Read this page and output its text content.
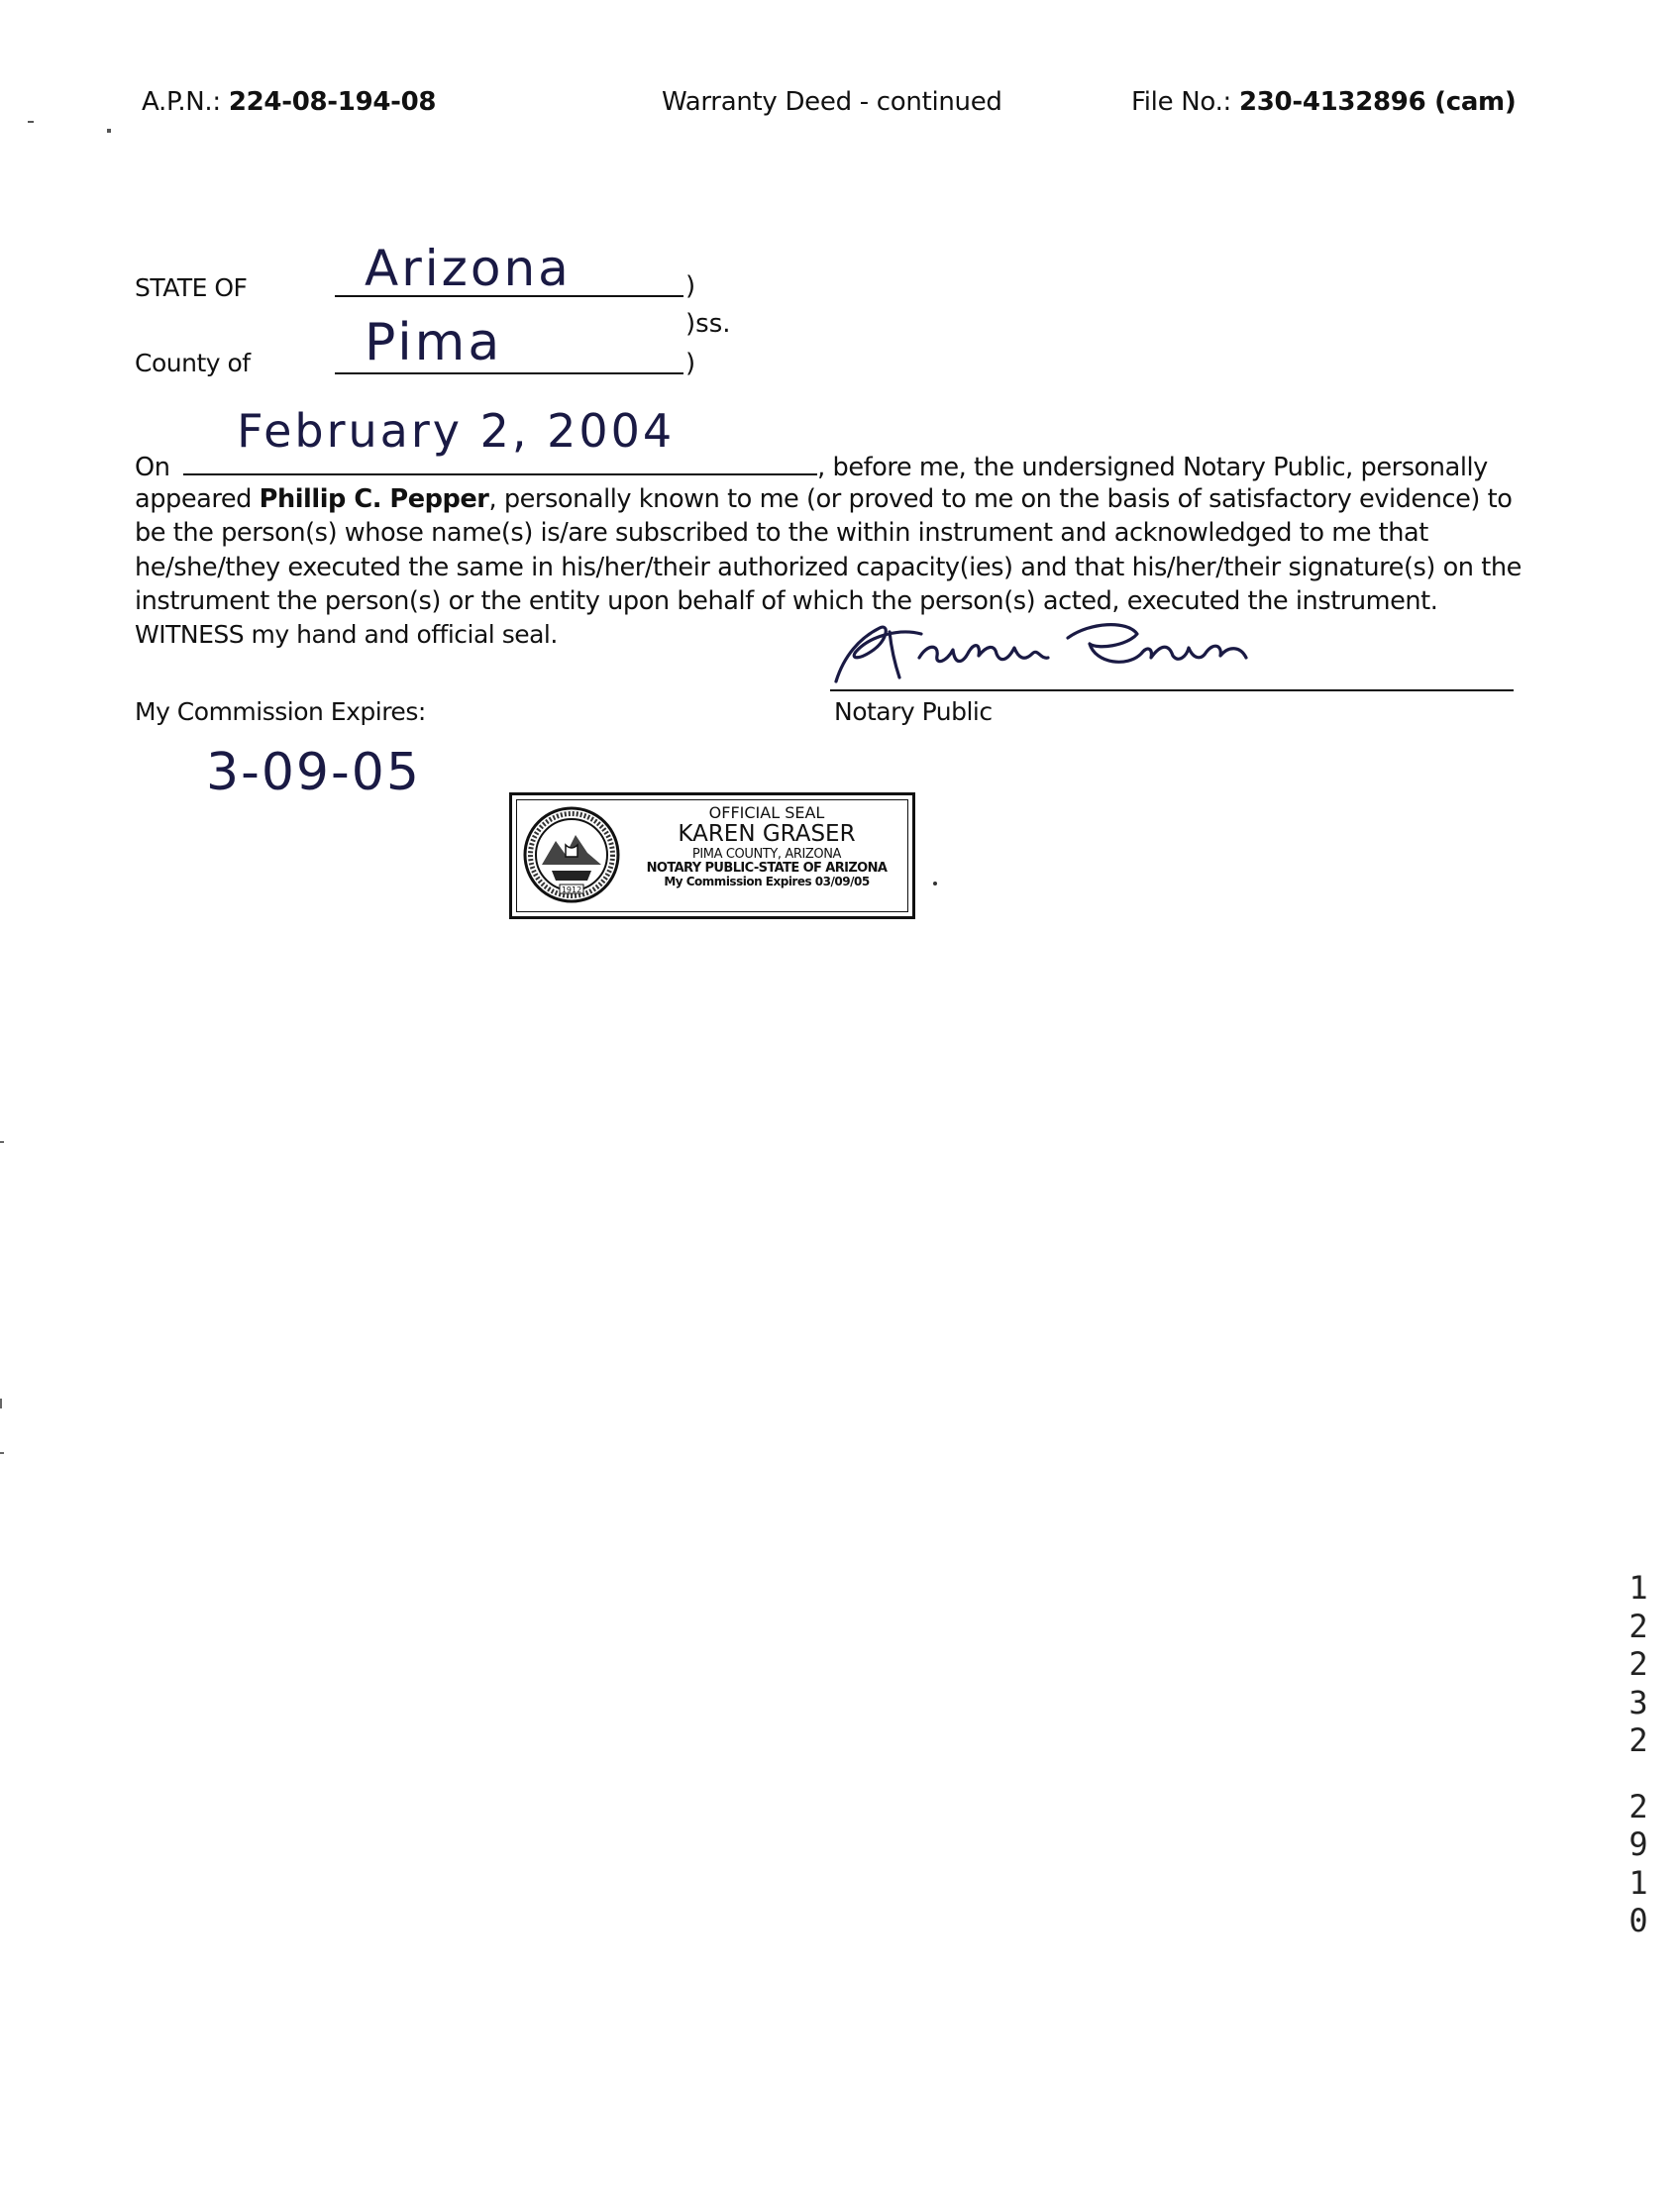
A.P.N.: 224-08-194-08	Warranty Deed - continued	File No.: 230-4132896 (cam)
STATE OF Arizona	)
)ss.
County of Pima	)
On
February 2, 2004
, before me, the undersigned Notary Public, personally
appeared Phillip C. Pepper, personally known to me (or proved to me on the basis of satisfactory evidence) to
be the person(s) whose name(s) is/are subscribed to the within instrument and acknowledged to me that
he/she/they executed the same in his/her/their authorized capacity(ies) and that his/her/their signature(s) on the
instrument the person(s) or the entity upon behalf of which the person(s) acted, executed the instrument.
WITNESS my hand and official seal.
Notary Public
My Commission Expires:
3-09-05
1912
OFFICIAL SEAL
KAREN GRASER
PIMA COUNTY, ARIZONA
NOTARY PUBLIC-STATE OF ARIZONA
My Commission Expires 03/09/05
1
2
2
3
2
2
9
1
0
